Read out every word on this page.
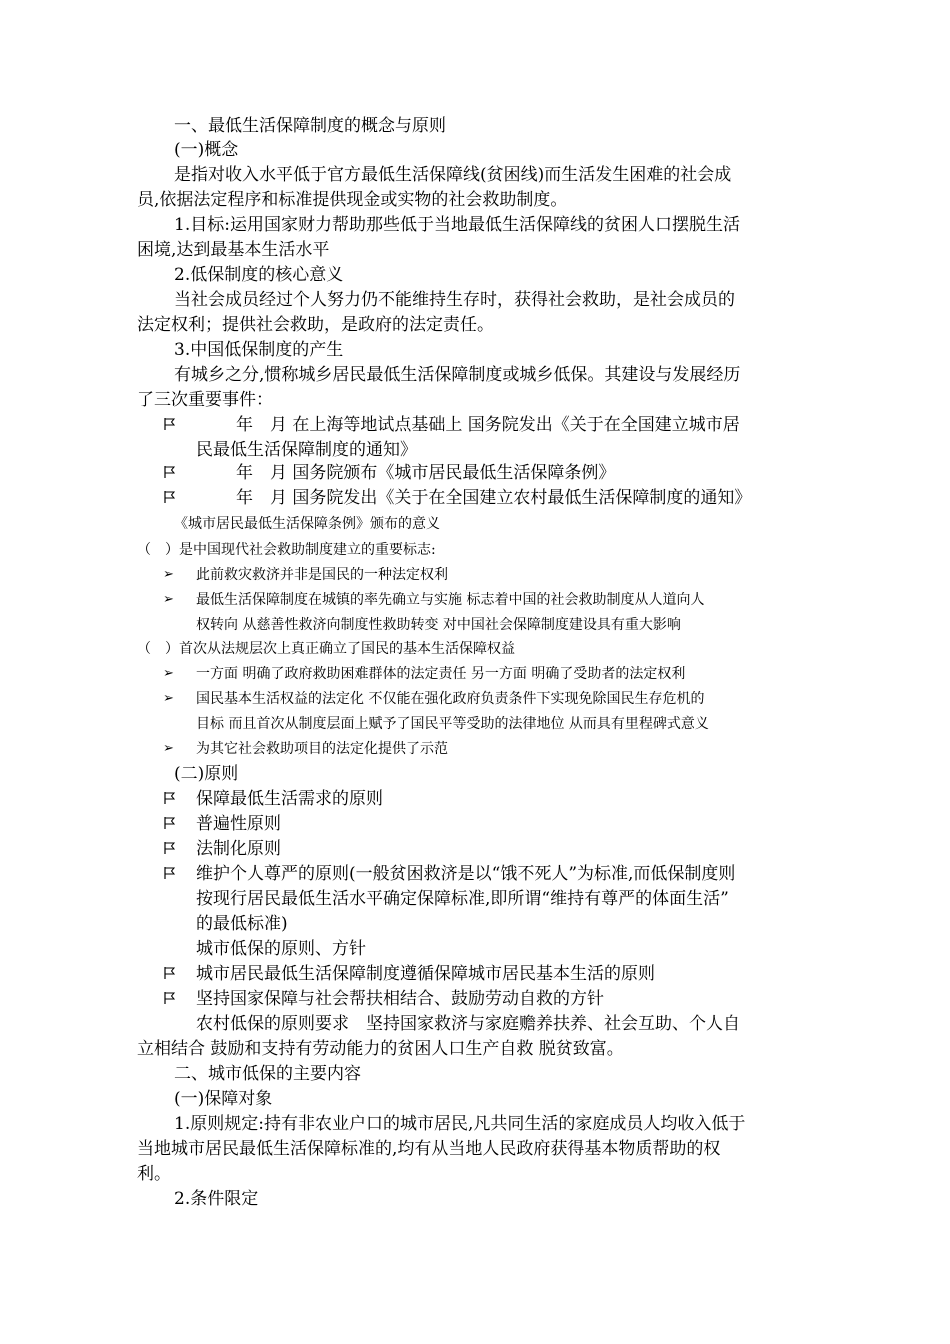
一、最低生活保障制度的概念与原则
(一)概念
是指对收入水平低于官方最低生活保障线(贫困线)而生活发生困难的社会成
员,依据法定程序和标准提供现金或实物的社会救助制度。
1.目标:运用国家财力帮助那些低于当地最低生活保障线的贫困人口摆脱生活
困境,达到最基本生活水平
2.低保制度的核心意义
当社会成员经过个人努力仍不能维持生存时，获得社会救助，是社会成员的
法定权利；提供社会救助，是政府的法定责任。
3.中国低保制度的产生
有城乡之分,惯称城乡居民最低生活保障制度或城乡低保。其建设与发展经历
了三次重要事件：
年　月 在上海等地试点基础上 国务院发出《关于在全国建立城市居
民最低生活保障制度的通知》
年　月 国务院颁布《城市居民最低生活保障条例》
年　月 国务院发出《关于在全国建立农村最低生活保障制度的通知》
《城市居民最低生活保障条例》颁布的意义
（　）是中国现代社会救助制度建立的重要标志:
➢ 此前救灾救济并非是国民的一种法定权利
➢ 最低生活保障制度在城镇的率先确立与实施 标志着中国的社会救助制度从人道向人
权转向 从慈善性救济向制度性救助转变 对中国社会保障制度建设具有重大影响
（　）首次从法规层次上真正确立了国民的基本生活保障权益
➢ 一方面 明确了政府救助困难群体的法定责任 另一方面 明确了受助者的法定权利
➢ 国民基本生活权益的法定化 不仅能在强化政府负责条件下实现免除国民生存危机的
目标 而且首次从制度层面上赋予了国民平等受助的法律地位 从而具有里程碑式意义
➢ 为其它社会救助项目的法定化提供了示范
(二)原则
保障最低生活需求的原则
普遍性原则
法制化原则
维护个人尊严的原则(一般贫困救济是以“饿不死人”为标准,而低保制度则
按现行居民最低生活水平确定保障标准,即所谓“维持有尊严的体面生活”
的最低标准)
城市低保的原则、方针
城市居民最低生活保障制度遵循保障城市居民基本生活的原则
坚持国家保障与社会帮扶相结合、鼓励劳动自救的方针
农村低保的原则要求　坚持国家救济与家庭赡养扶养、社会互助、个人自
立相结合 鼓励和支持有劳动能力的贫困人口生产自救 脱贫致富。
二、城市低保的主要内容
(一)保障对象
1.原则规定:持有非农业户口的城市居民,凡共同生活的家庭成员人均收入低于
当地城市居民最低生活保障标准的,均有从当地人民政府获得基本物质帮助的权
利。
2.条件限定
